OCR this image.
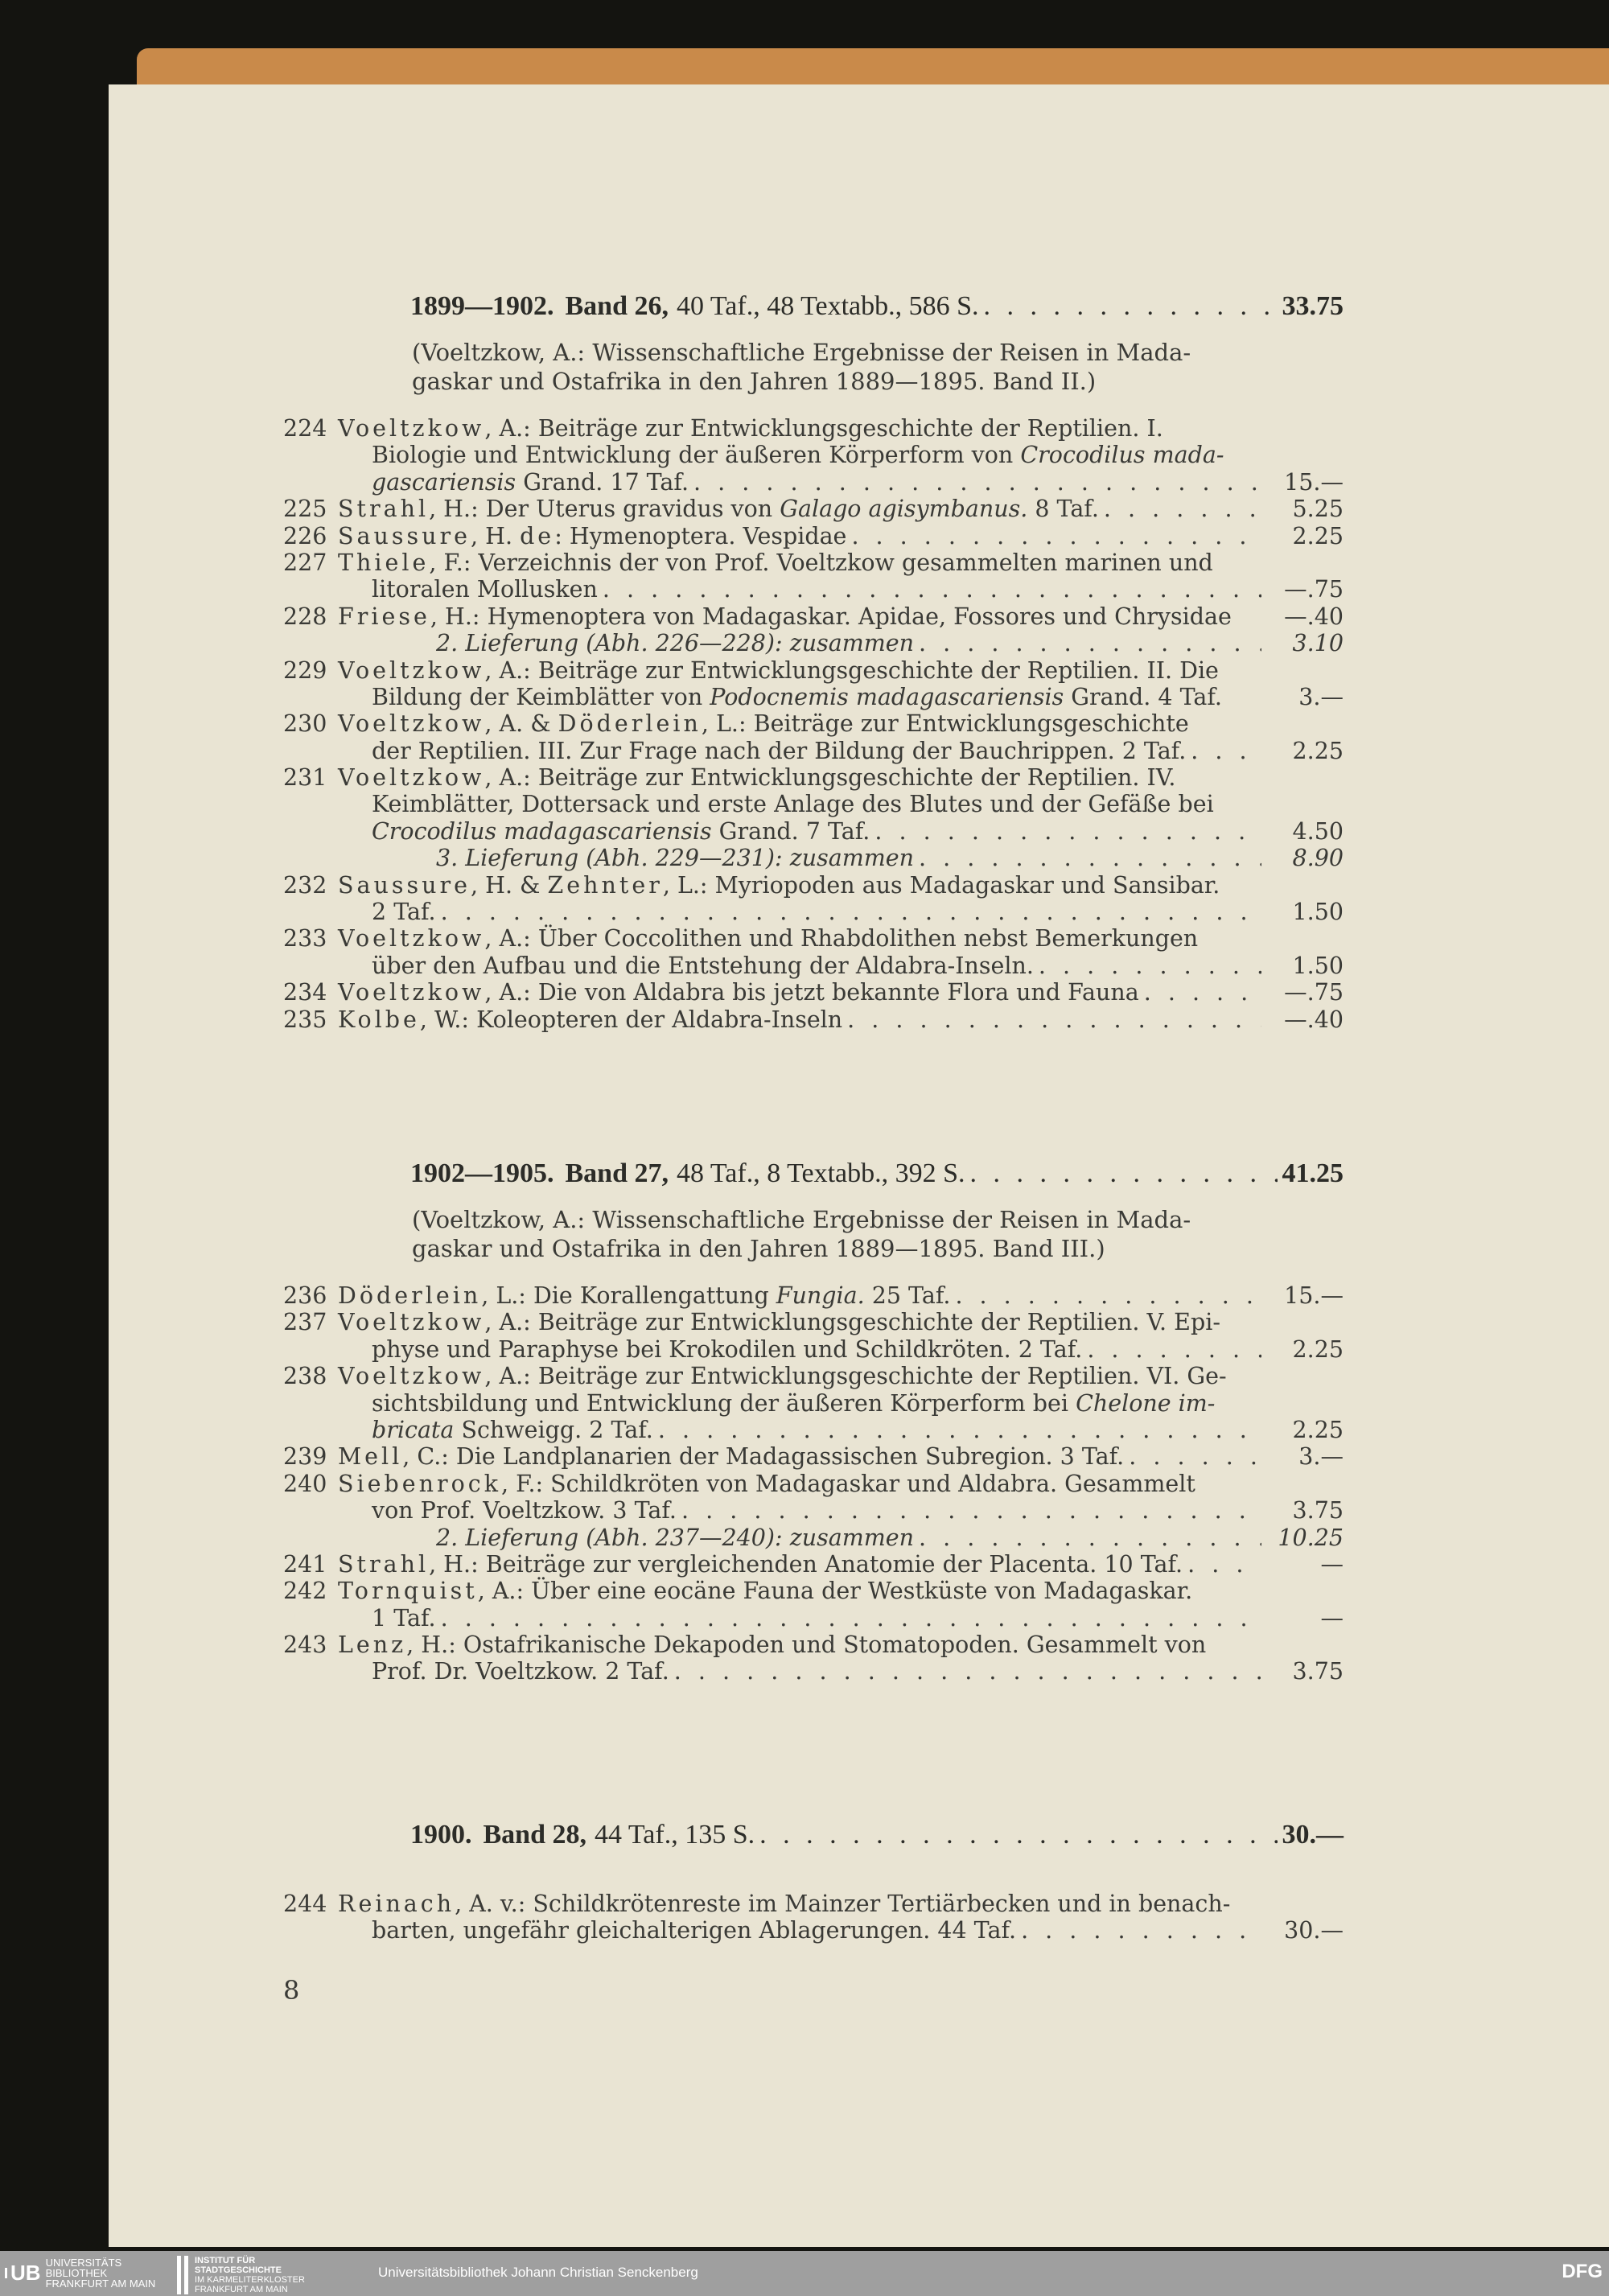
1899—1902. Band 26, 40 Taf., 48 Textabb., 586 S. . . .	33.75
(Voeltzkow, A.: Wissenschaftliche Ergebnisse der Reisen in Mada-
gaskar und Ostafrika in den Jahren 1889—1895. Band II.)
224 Voeltzkow, A.: Beiträge zur Entwicklungsgeschichte der Reptilien. I.
Biologie und Entwicklung der äußeren Körperform von Crocodilus mada-
gascariensis Grand. 17 Taf. . . .	15.—
225 Strahl, H.: Der Uterus gravidus von Galago agisymbanus. 8 Taf. . . .	5.25
226 Saussure, H. de: Hymenoptera. Vespidae . . .	2.25
227 Thiele, F.: Verzeichnis der von Prof. Voeltzkow gesammelten marinen und
litoralen Mollusken . . .	—.75
228 Friese, H.: Hymenoptera von Madagaskar. Apidae, Fossores und Chrysidae	—.40
2. Lieferung (Abh. 226—228): zusammen . . .	3.10
229 Voeltzkow, A.: Beiträge zur Entwicklungsgeschichte der Reptilien. II. Die
Bildung der Keimblätter von Podocnemis madagascariensis Grand. 4 Taf.	3.—
230 Voeltzkow, A. & Döderlein, L.: Beiträge zur Entwicklungsgeschichte
der Reptilien. III. Zur Frage nach der Bildung der Bauchrippen. 2 Taf. . . .	2.25
231 Voeltzkow, A.: Beiträge zur Entwicklungsgeschichte der Reptilien. IV.
Keimblätter, Dottersack und erste Anlage des Blutes und der Gefäße bei
Crocodilus madagascariensis Grand. 7 Taf. . . .	4.50
3. Lieferung (Abh. 229—231): zusammen . . .	8.90
232 Saussure, H. & Zehnter, L.: Myriopoden aus Madagaskar und Sansibar.
2 Taf. . . .	1.50
233 Voeltzkow, A.: Über Coccolithen und Rhabdolithen nebst Bemerkungen
über den Aufbau und die Entstehung der Aldabra-Inseln. . . .	1.50
234 Voeltzkow, A.: Die von Aldabra bis jetzt bekannte Flora und Fauna . . .	—.75
235 Kolbe, W.: Koleopteren der Aldabra-Inseln . . .	—.40
1902—1905. Band 27, 48 Taf., 8 Textabb., 392 S. . . .	41.25
(Voeltzkow, A.: Wissenschaftliche Ergebnisse der Reisen in Mada-
gaskar und Ostafrika in den Jahren 1889—1895. Band III.)
236 Döderlein, L.: Die Korallengattung Fungia. 25 Taf. . . .	15.—
237 Voeltzkow, A.: Beiträge zur Entwicklungsgeschichte der Reptilien. V. Epi-
physe und Paraphyse bei Krokodilen und Schildkröten. 2 Taf. . . .	2.25
238 Voeltzkow, A.: Beiträge zur Entwicklungsgeschichte der Reptilien. VI. Ge-
sichtsbildung und Entwicklung der äußeren Körperform bei Chelone im-
bricata Schweigg. 2 Taf. . . .	2.25
239 Mell, C.: Die Landplanarien der Madagassischen Subregion. 3 Taf. . . .	3.—
240 Siebenrock, F.: Schildkröten von Madagaskar und Aldabra. Gesammelt
von Prof. Voeltzkow. 3 Taf. . . .	3.75
2. Lieferung (Abh. 237—240): zusammen . . .	10.25
241 Strahl, H.: Beiträge zur vergleichenden Anatomie der Placenta. 10 Taf. . . .	—
242 Tornquist, A.: Über eine eocäne Fauna der Westküste von Madagaskar.
1 Taf. . . .	—
243 Lenz, H.: Ostafrikanische Dekapoden und Stomatopoden. Gesammelt von
Prof. Dr. Voeltzkow. 2 Taf. . . .	3.75
1900. Band 28, 44 Taf., 135 S. . . .	30.—
244 Reinach, A. v.: Schildkrötenreste im Mainzer Tertiärbecken und in benach-
barten, ungefähr gleichalterigen Ablagerungen. 44 Taf. . . .	30.—
8
UB UNIVERSITÄTS
BIBLIOTHEK
FRANKFURT AM MAIN
INSTITUT FÜR
STADTGESCHICHTE
IM KARMELITERKLOSTER
FRANKFURT AM MAIN
Universitätsbibliothek Johann Christian Senckenberg	DFG
